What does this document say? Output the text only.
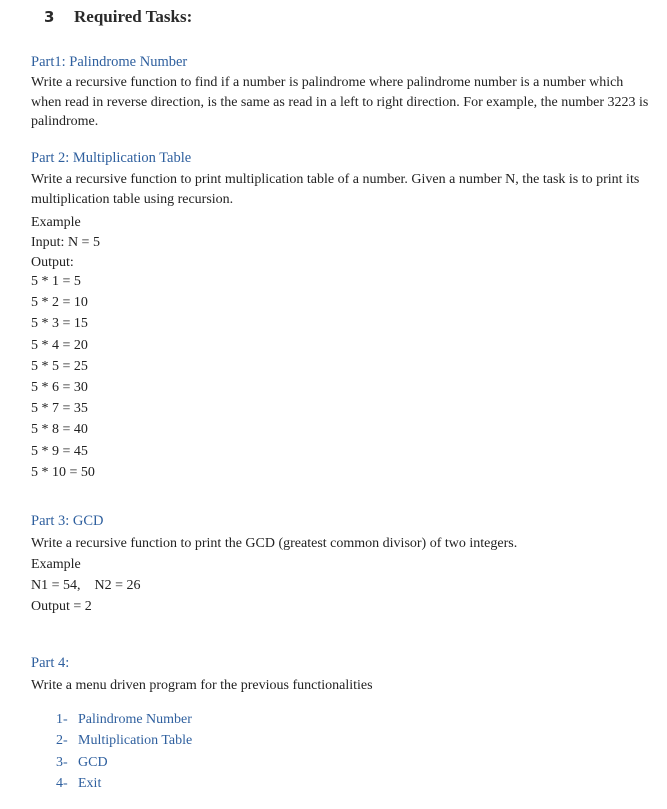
3 Required Tasks:
Part1: Palindrome Number
Write a recursive function to find if a number is palindrome where palindrome number is a number which when read in reverse direction, is the same as read in a left to right direction. For example, the number 3223 is palindrome.
Part 2: Multiplication Table
Write a recursive function to print multiplication table of a number. Given a number N, the task is to print its multiplication table using recursion.
Example
Input: N = 5
Output:
5 * 1 = 5
5 * 2 = 10
5 * 3 = 15
5 * 4 = 20
5 * 5 = 25
5 * 6 = 30
5 * 7 = 35
5 * 8 = 40
5 * 9 = 45
5 * 10 = 50
Part 3: GCD
Write a recursive function to print the GCD (greatest common divisor) of two integers.
Example
N1 = 54, N2 = 26
Output = 2
Part 4:
Write a menu driven program for the previous functionalities
1- Palindrome Number
2- Multiplication Table
3- GCD
4- Exit
